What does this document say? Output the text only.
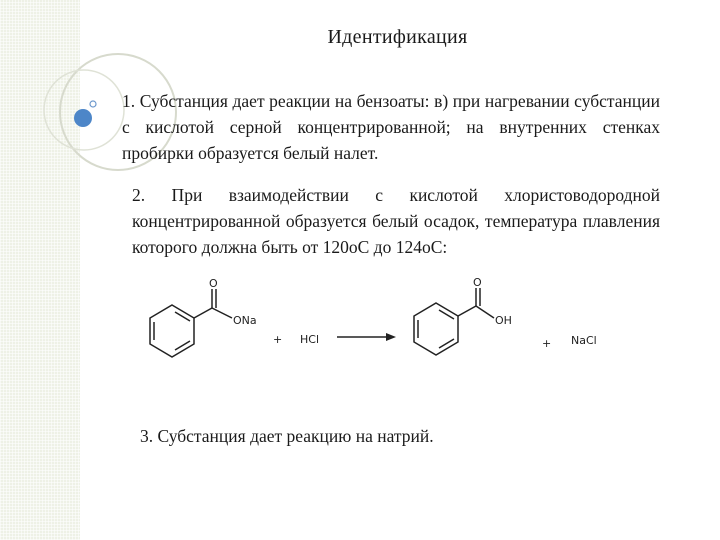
Идентификация
1. Субстанция дает реакции на бензоаты: в) при нагревании субстанции с кислотой серной концентрированной; на внутренних стенках пробирки образуется белый налет.
2. При взаимодействии с кислотой хлористоводородной концентрированной образуется белый осадок, температура плавления которого должна быть от 120оС до 124оС:
O
ONa
+ HCl
O
OH
+ NaCl
3. Субстанция дает реакцию на натрий.
